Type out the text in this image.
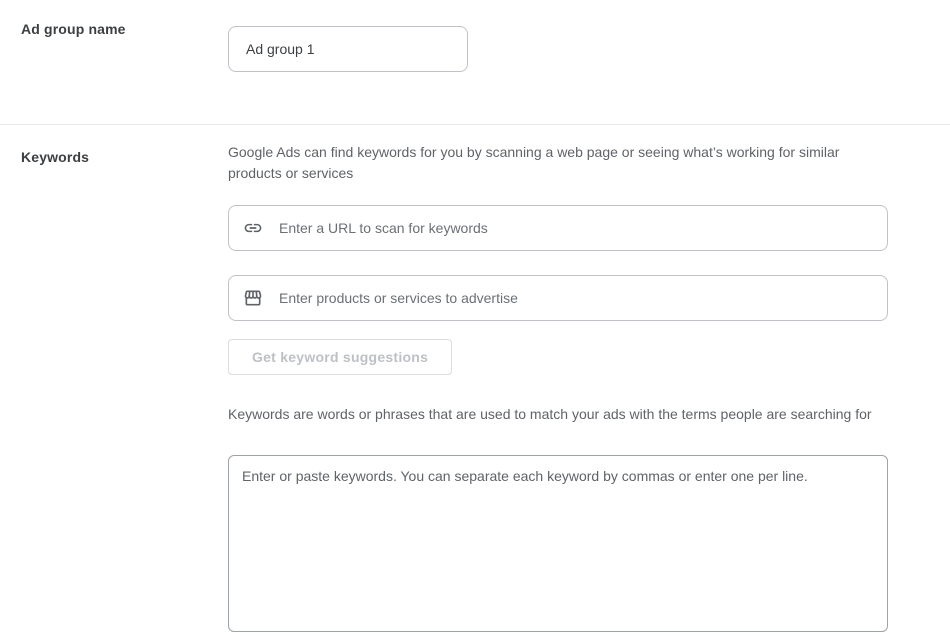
Ad group name
Ad group 1
Keywords	Google Ads can find keywords for you by scanning a web page or seeing what’s working for similar products or services

Enter a URL to scan for keywords
Enter products or services to advertise
Get keyword suggestions

Keywords are words or phrases that are used to match your ads with the terms people are searching for

Enter or paste keywords. You can separate each keyword by commas or enter one per line.
